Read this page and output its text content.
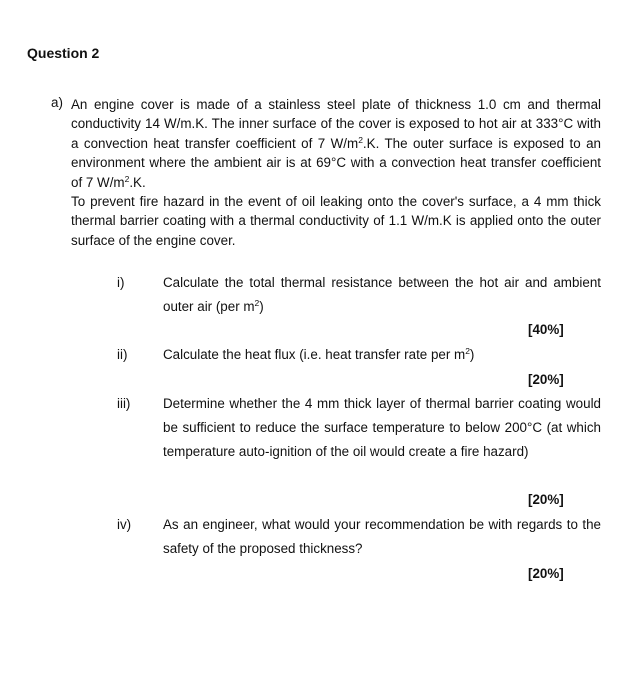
Question 2
a) An engine cover is made of a stainless steel plate of thickness 1.0 cm and thermal conductivity 14 W/m.K. The inner surface of the cover is exposed to hot air at 333°C with a convection heat transfer coefficient of 7 $W/m^2.K$. The outer surface is exposed to an environment where the ambient air is at 69°C with a convection heat transfer coefficient of 7 $W/m^2.K$.

To prevent fire hazard in the event of oil leaking onto the cover's surface, a 4 mm thick thermal barrier coating with a thermal conductivity of 1.1 W/m.K is applied onto the outer surface of the engine cover.

i)	Calculate the total thermal resistance between the hot air and ambient outer air (per $m^2$)

[40%]
ii)	Calculate the heat flux (i.e. heat transfer rate per $m^2$)

[20%]
iii) Determine whether the 4 mm thick layer of thermal barrier coating would be sufficient to reduce the surface temperature to below 200°C (at which temperature auto-ignition of the oil would create a fire hazard)

[20%]
iv) As an engineer, what would your recommendation be with regards to the safety of the proposed thickness?

[20%]
